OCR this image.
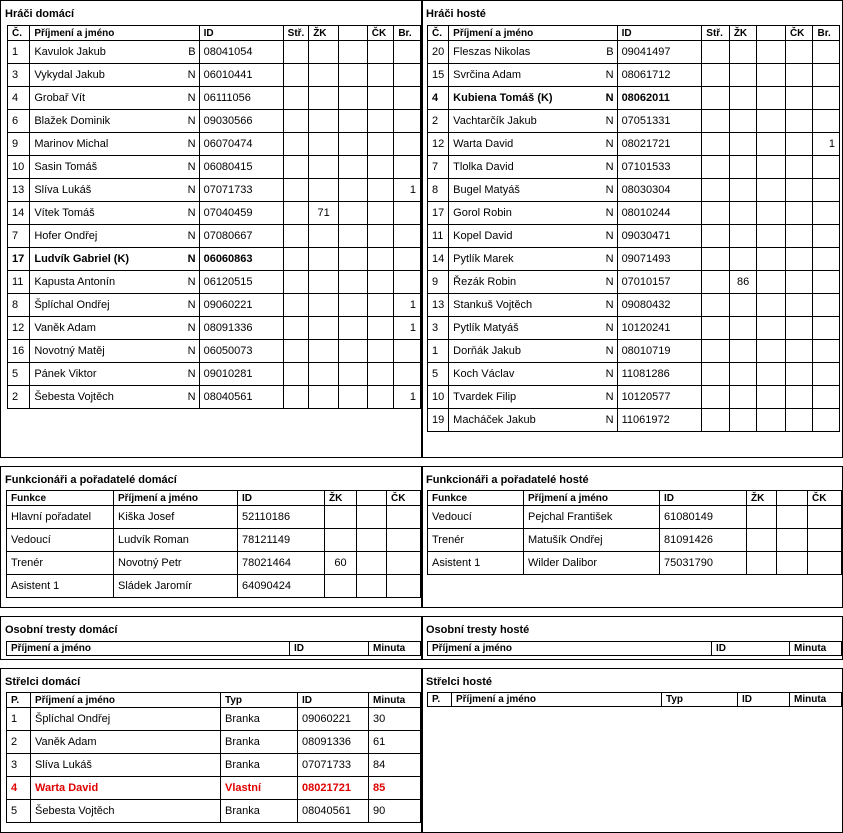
Hráči domácí
Č.	Příjmení a jméno	ID	Stř.	ŽK		ČK	Br.
1	Kavulok Jakub B	08041054					
3	Vykydal Jakub N	06010441					
4	Grobař Vít N	06111056					
6	Blažek Dominik N	09030566					
9	Marinov Michal N	06070474					
10	Sasin Tomáš N	06080415					
13	Slíva Lukáš N	07071733					1
14	Vítek Tomáš N	07040459		71			
7	Hofer Ondřej N	07080667					
17	Ludvík Gabriel (K) N	06060863					
11	Kapusta Antonín N	06120515					
8	Šplíchal Ondřej N	09060221					1
12	Vaněk Adam N	08091336					1
16	Novotný Matěj N	06050073					
5	Pánek Viktor N	09010281					
2	Šebesta Vojtěch N	08040561					1
Hráči hosté
Č.	Příjmení a jméno	ID	Stř.	ŽK		ČK	Br.
20	Fleszas Nikolas B	09041497					
15	Svrčina Adam N	08061712					
4	Kubiena Tomáš (K) N	08062011					
2	Vachtarčík Jakub N	07051331					
12	Warta David N	08021721					1
7	Tlolka David N	07101533					
8	Bugel Matyáš N	08030304					
17	Gorol Robin N	08010244					
11	Kopel David N	09030471					
14	Pytlík Marek N	09071493					
9	Řezák Robin N	07010157		86			
13	Stankuš Vojtěch N	09080432					
3	Pytlík Matyáš N	10120241					
1	Dorňák Jakub N	08010719					
5	Koch Václav N	11081286					
10	Tvardek Filip N	10120577					
19	Macháček Jakub N	11061972					
Funkcionáři a pořadatelé domácí
Funkce	Příjmení a jméno	ID	ŽK		ČK
Hlavní pořadatel	Kiška Josef	52110186			
Vedoucí	Ludvík Roman	78121149			
Trenér	Novotný Petr	78021464	60		
Asistent 1	Sládek Jaromír	64090424			
Funkcionáři a pořadatelé hosté
Funkce	Příjmení a jméno	ID	ŽK		ČK
Vedoucí	Pejchal František	61080149			
Trenér	Matušík Ondřej	81091426			
Asistent 1	Wilder Dalibor	75031790			
Osobní tresty domácí
Příjmení a jméno	ID	Minuta
Osobní tresty hosté
Příjmení a jméno	ID	Minuta
Střelci domácí
P.	Příjmení a jméno	Typ	ID	Minuta
1	Šplíchal Ondřej	Branka	09060221	30
2	Vaněk Adam	Branka	08091336	61
3	Slíva Lukáš	Branka	07071733	84
4	Warta David	Vlastní	08021721	85
5	Šebesta Vojtěch	Branka	08040561	90
Střelci hosté
P.	Příjmení a jméno	Typ	ID	Minuta
